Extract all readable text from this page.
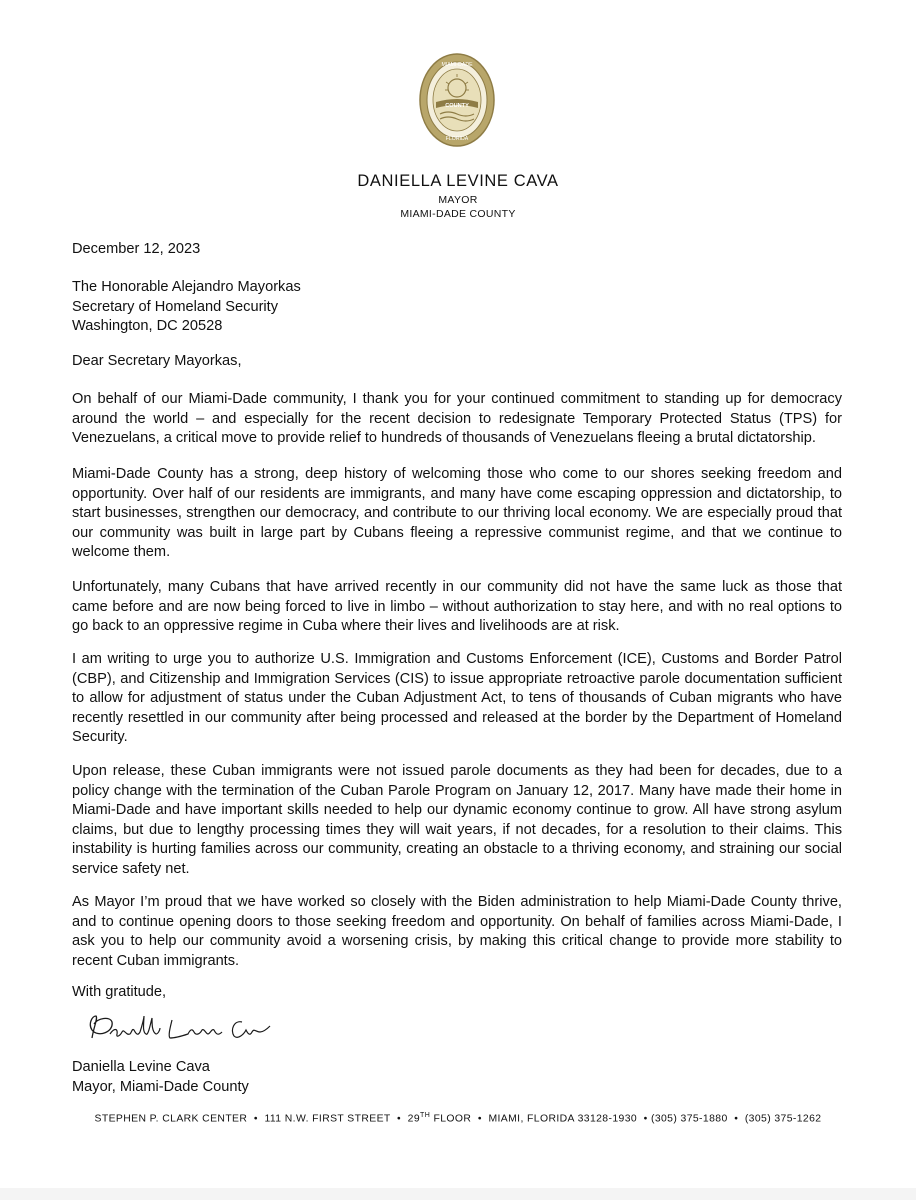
COUNTY
MIAMI-DADE
FLORIDA
DANIELLA LEVINE CAVA
MAYOR
MIAMI-DADE COUNTY
December 12, 2023
The Honorable Alejandro Mayorkas
Secretary of Homeland Security
Washington, DC 20528
Dear Secretary Mayorkas,
On behalf of our Miami-Dade community, I thank you for your continued commitment to standing up for democracy around the world – and especially for the recent decision to redesignate Temporary Protected Status (TPS) for Venezuelans, a critical move to provide relief to hundreds of thousands of Venezuelans fleeing a brutal dictatorship.
Miami-Dade County has a strong, deep history of welcoming those who come to our shores seeking freedom and opportunity. Over half of our residents are immigrants, and many have come escaping oppression and dictatorship, to start businesses, strengthen our democracy, and contribute to our thriving local economy. We are especially proud that our community was built in large part by Cubans fleeing a repressive communist regime, and that we continue to welcome them.
Unfortunately, many Cubans that have arrived recently in our community did not have the same luck as those that came before and are now being forced to live in limbo – without authorization to stay here, and with no real options to go back to an oppressive regime in Cuba where their lives and livelihoods are at risk.
I am writing to urge you to authorize U.S. Immigration and Customs Enforcement (ICE), Customs and Border Patrol (CBP), and Citizenship and Immigration Services (CIS) to issue appropriate retroactive parole documentation sufficient to allow for adjustment of status under the Cuban Adjustment Act, to tens of thousands of Cuban migrants who have recently resettled in our community after being processed and released at the border by the Department of Homeland Security.
Upon release, these Cuban immigrants were not issued parole documents as they had been for decades, due to a policy change with the termination of the Cuban Parole Program on January 12, 2017. Many have made their home in Miami-Dade and have important skills needed to help our dynamic economy continue to grow. All have strong asylum claims, but due to lengthy processing times they will wait years, if not decades, for a resolution to their claims. This instability is hurting families across our community, creating an obstacle to a thriving economy, and straining our social service safety net.
As Mayor I’m proud that we have worked so closely with the Biden administration to help Miami-Dade County thrive, and to continue opening doors to those seeking freedom and opportunity. On behalf of families across Miami-Dade, I ask you to help our community avoid a worsening crisis, by making this critical change to provide more stability to recent Cuban immigrants.
With gratitude,
Daniella Levine Cava
Mayor, Miami-Dade County
STEPHEN P. CLARK CENTER  •  111 N.W. FIRST STREET  •  29TH FLOOR  •  MIAMI, FLORIDA 33128-1930  • (305) 375-1880  •  (305) 375-1262
